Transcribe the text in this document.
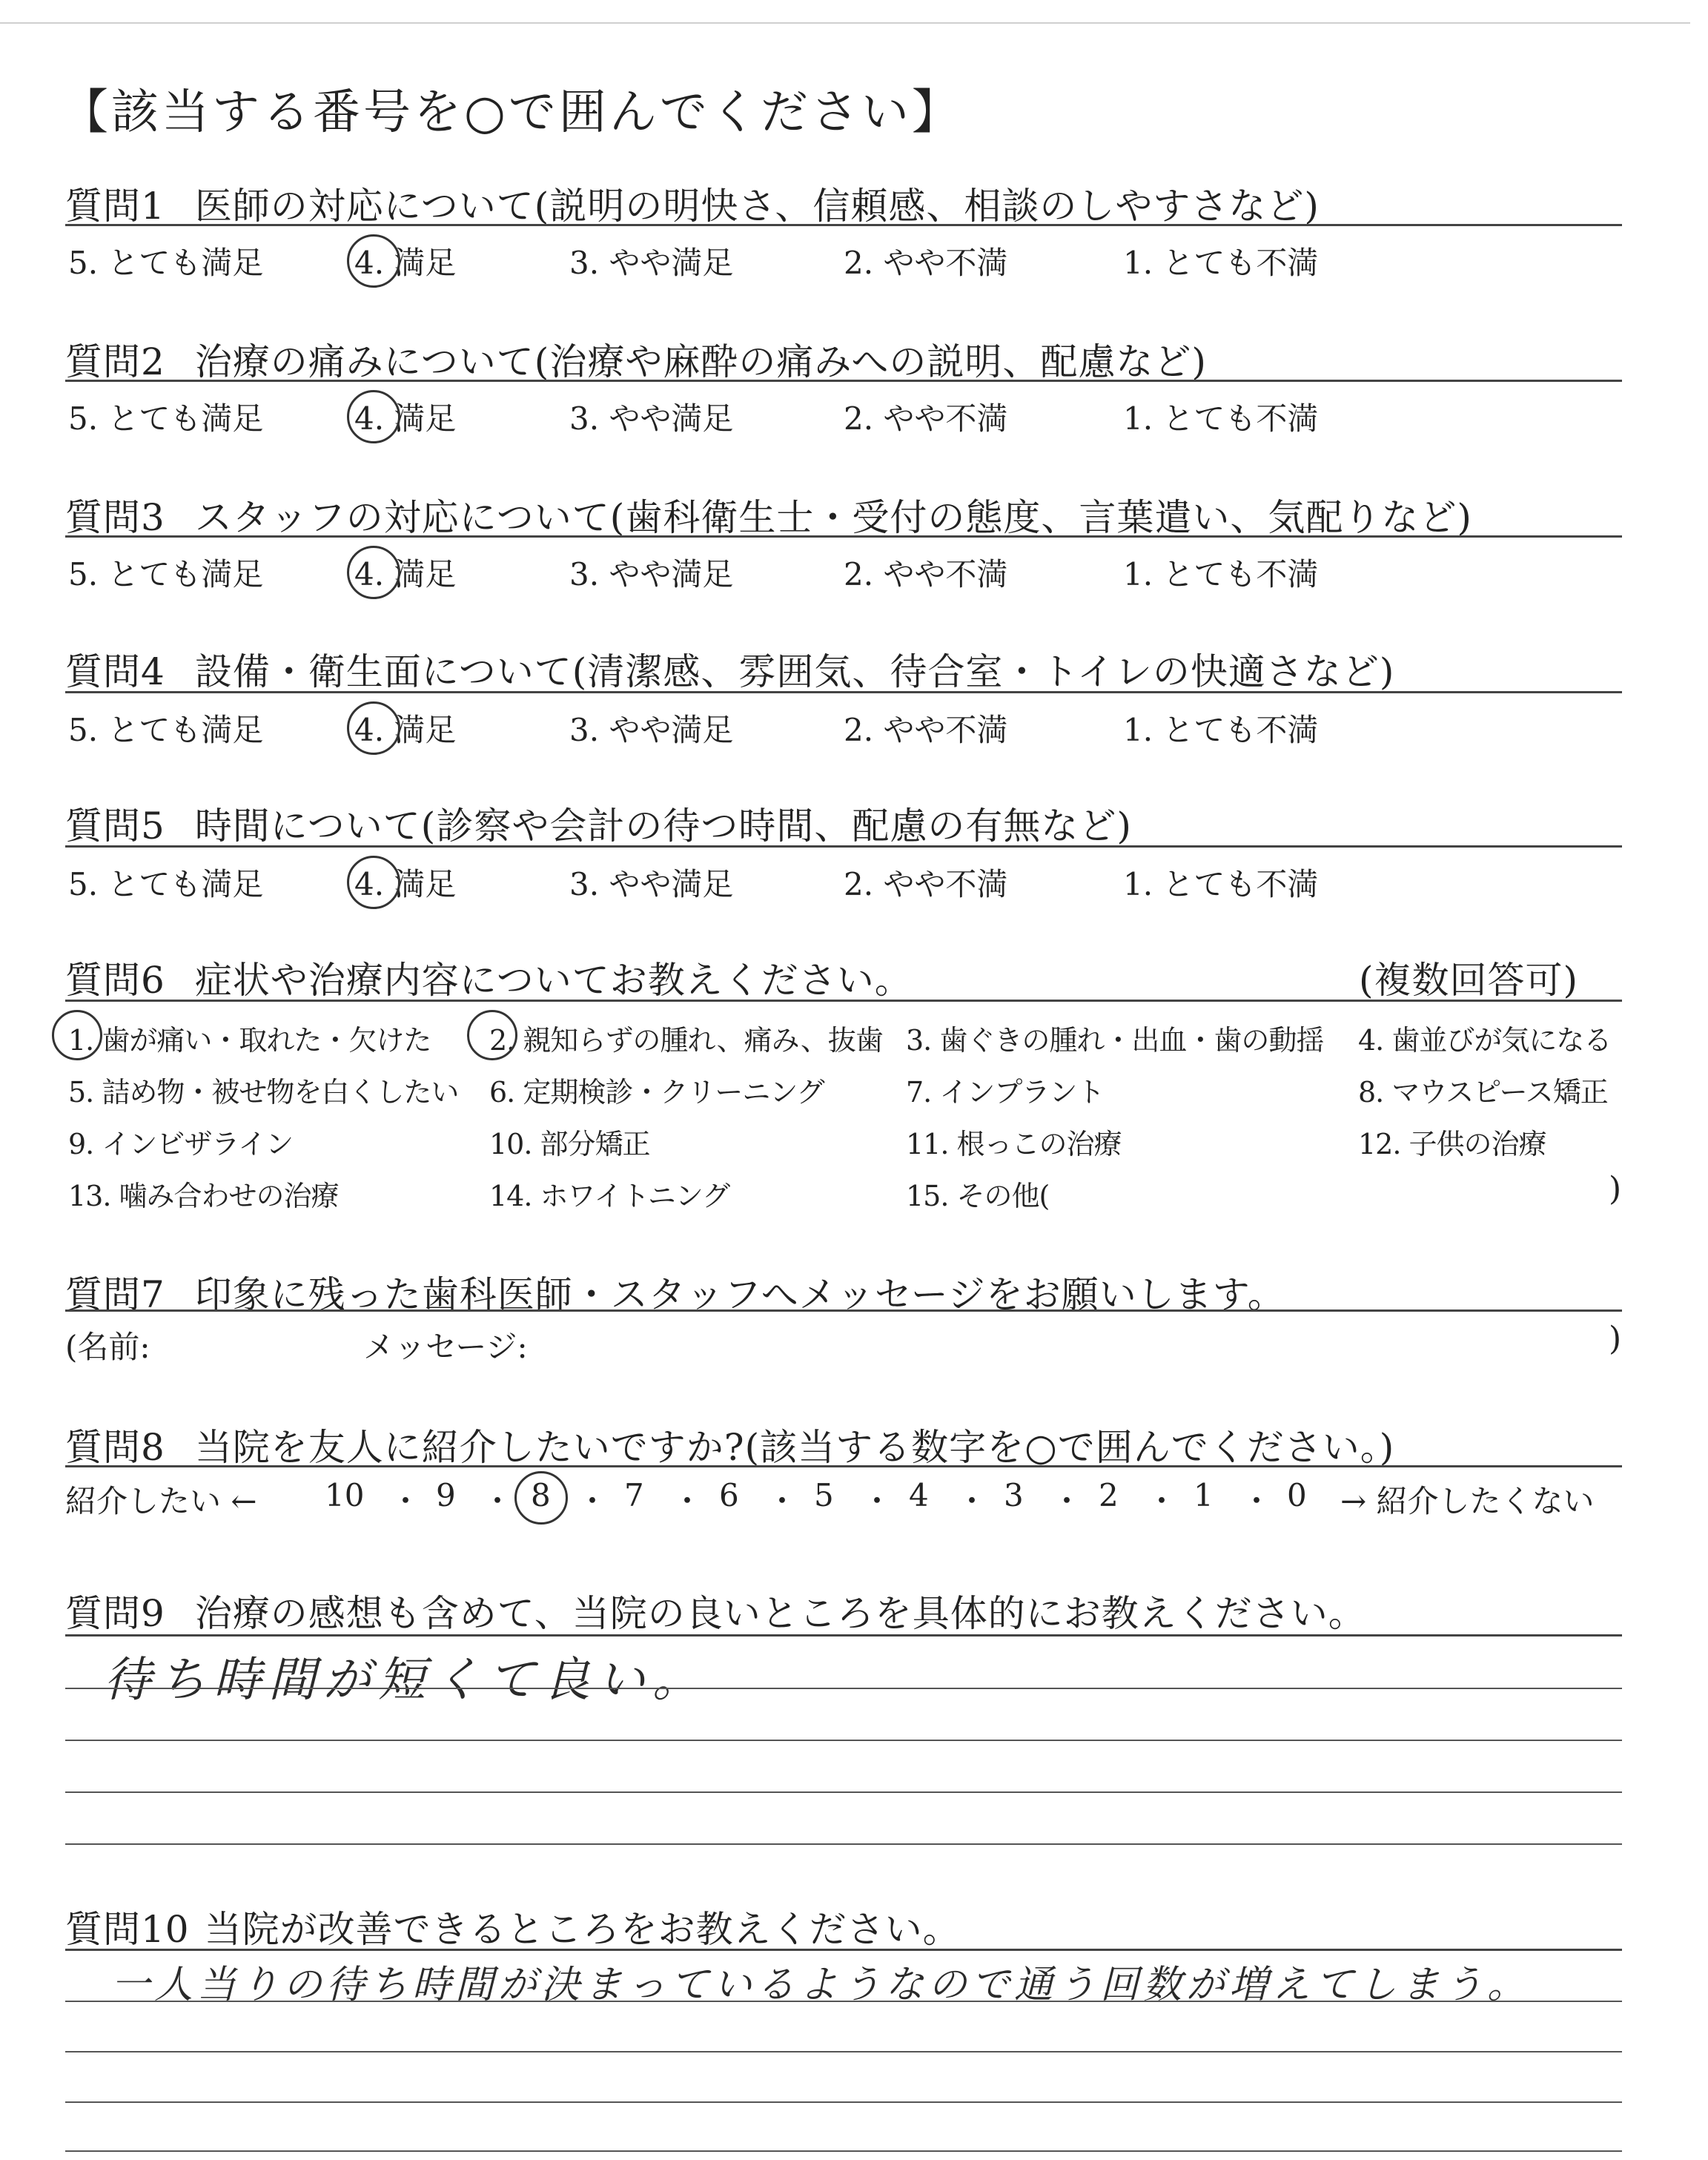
【該当する番号を○で囲んでください】
質問1 医師の対応について(説明の明快さ、信頼感、相談のしやすさなど)
5. とても満足	4. 満足	3. やや満足	2. やや不満	1. とても不満
質問2 治療の痛みについて(治療や麻酔の痛みへの説明、配慮など)
5. とても満足	4. 満足	3. やや満足	2. やや不満	1. とても不満
質問3 スタッフの対応について(歯科衛生士・受付の態度、言葉遣い、気配りなど)
5. とても満足	4. 満足	3. やや満足	2. やや不満	1. とても不満
質問4 設備・衛生面について(清潔感、雰囲気、待合室・トイレの快適さなど)
5. とても満足	4. 満足	3. やや満足	2. やや不満	1. とても不満
質問5 時間について(診察や会計の待つ時間、配慮の有無など)
5. とても満足	4. 満足	3. やや満足	2. やや不満	1. とても不満
質問6 症状や治療内容についてお教えください。	(複数回答可)
1. 歯が痛い・取れた・欠けた 2. 親知らずの腫れ、痛み、抜歯 3. 歯ぐきの腫れ・出血・歯の動揺 4. 歯並びが気になる
5. 詰め物・被せ物を白くしたい 6. 定期検診・クリーニング	7. インプラント	8. マウスピース矯正
9. インビザライン	10. 部分矯正	11. 根っこの治療	12. 子供の治療
13. 噛み合わせの治療	14. ホワイトニング	15. その他(	)
質問7 印象に残った歯科医師・スタッフへメッセージをお願いします。
(名前:	メッセージ:	)
質問8 当院を友人に紹介したいですか?(該当する数字を○で囲んでください。)
紹介したい ← 10 ・ 9 ・ 8 ・ 7 ・ 6 ・ 5 ・ 4 ・ 3 ・ 2 ・ 1 ・ 0 → 紹介したくない
質問9 治療の感想も含めて、当院の良いところを具体的にお教えください。
待ち時間が短くて良い。
質問10 当院が改善できるところをお教えください。
一人当りの待ち時間が決まっているようなので通う回数が増えてしまう。
